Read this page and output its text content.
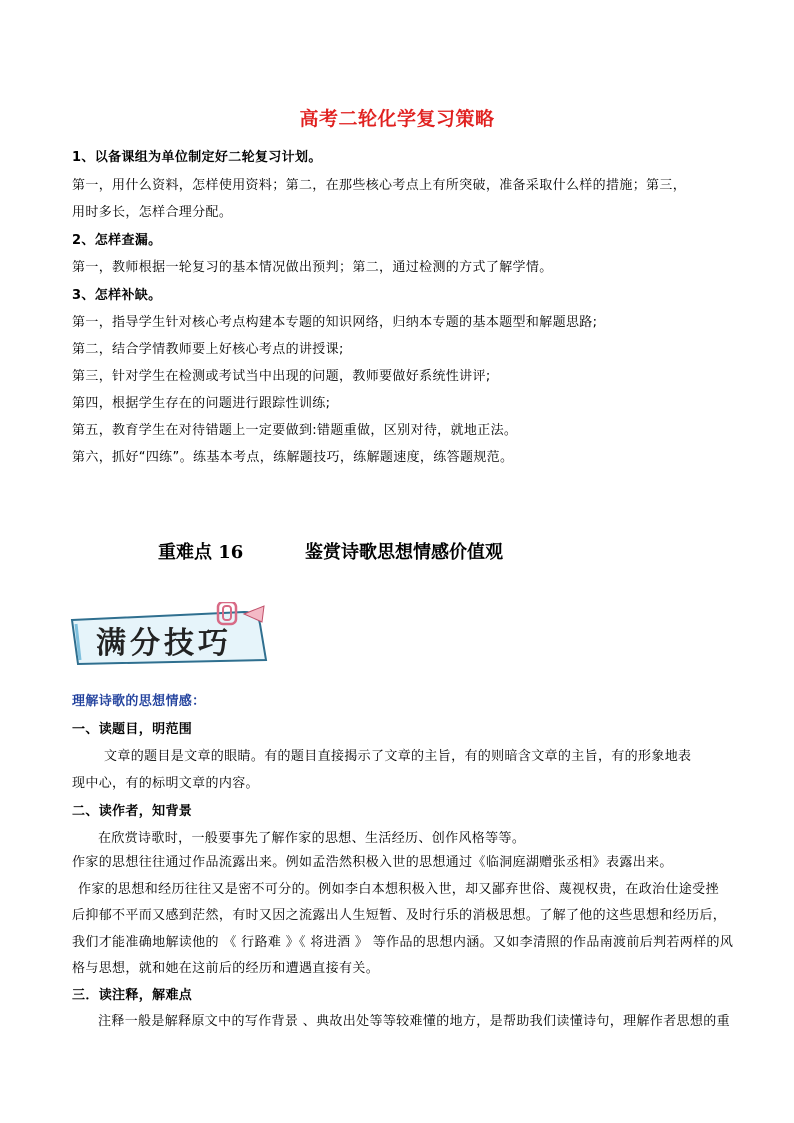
高考二轮化学复习策略
1、以备课组为单位制定好二轮复习计划。
第一，用什么资料，怎样使用资料；第二，在那些核心考点上有所突破，准备采取什么样的措施；第三，
用时多长，怎样合理分配。
2、怎样查漏。
第一，教师根据一轮复习的基本情况做出预判；第二，通过检测的方式了解学情。
3、怎样补缺。
第一，指导学生针对核心考点构建本专题的知识网络，归纳本专题的基本题型和解题思路;
第二，结合学情教师要上好核心考点的讲授课;
第三，针对学生在检测或考试当中出现的问题，教师要做好系统性讲评;
第四，根据学生存在的问题进行跟踪性训练;
第五，教育学生在对待错题上一定要做到:错题重做，区别对待，就地正法。
第六，抓好“四练”。练基本考点，练解题技巧，练解题速度，练答题规范。
重难点 16	鉴赏诗歌思想情感价值观
满分技巧
理解诗歌的思想情感：
一、读题目，明范围
文章的题目是文章的眼睛。有的题目直接揭示了文章的主旨，有的则暗含文章的主旨，有的形象地表
现中心，有的标明文章的内容。
二、读作者，知背景
在欣赏诗歌时，一般要事先了解作家的思想、生活经历、创作风格等等。
作家的思想往往通过作品流露出来。例如孟浩然积极入世的思想通过《临洞庭湖赠张丞相》表露出来。
作家的思想和经历往往又是密不可分的。例如李白本想积极入世，却又鄙弃世俗、蔑视权贵，在政治仕途受挫
后抑郁不平而又感到茫然，有时又因之流露出人生短暂、及时行乐的消极思想。了解了他的这些思想和经历后，
我们才能准确地解读他的 《 行路难 》《 将进酒 》 等作品的思想内涵。又如李清照的作品南渡前后判若两样的风
格与思想，就和她在这前后的经历和遭遇直接有关。
三．读注释，解难点
注释一般是解释原文中的写作背景 、典故出处等等较难懂的地方，是帮助我们读懂诗句，理解作者思想的重
